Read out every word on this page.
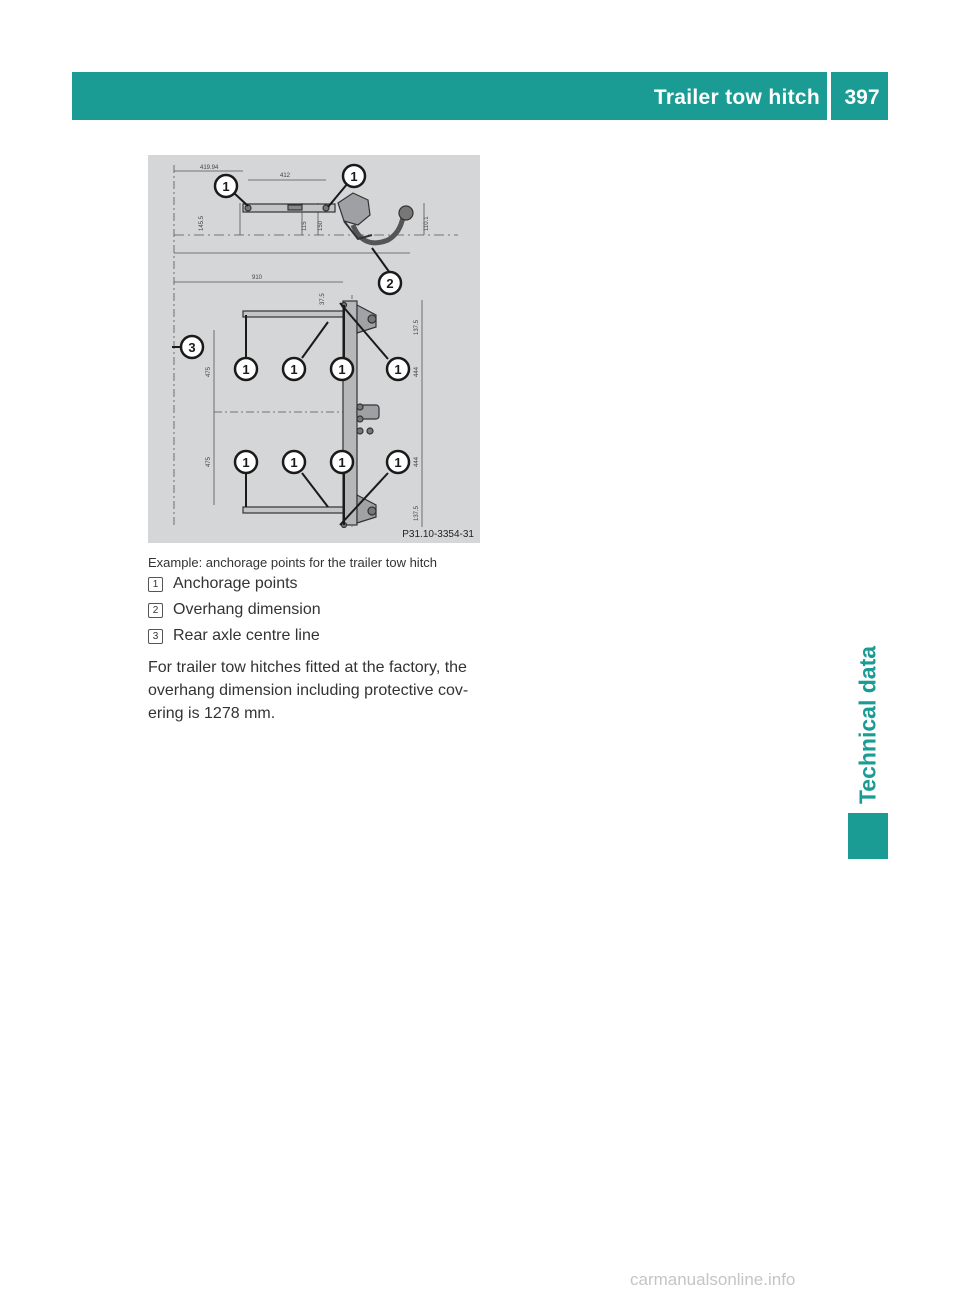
Trailer tow hitch	397
Technical data
419.94
412
145.5	115 150	110.1
910
37.5
137.5
475
475
444
444
137.5
1
1
2
3
1	1	1	1
1	1	1	1
P31.10-3354-31
Example: anchorage points for the trailer tow hitch
1 Anchorage points
2 Overhang dimension
3 Rear axle centre line
For trailer tow hitches fitted at the factory, the overhang dimension including protective cov-ering is 1278 mm.
carmanualsonline.info
